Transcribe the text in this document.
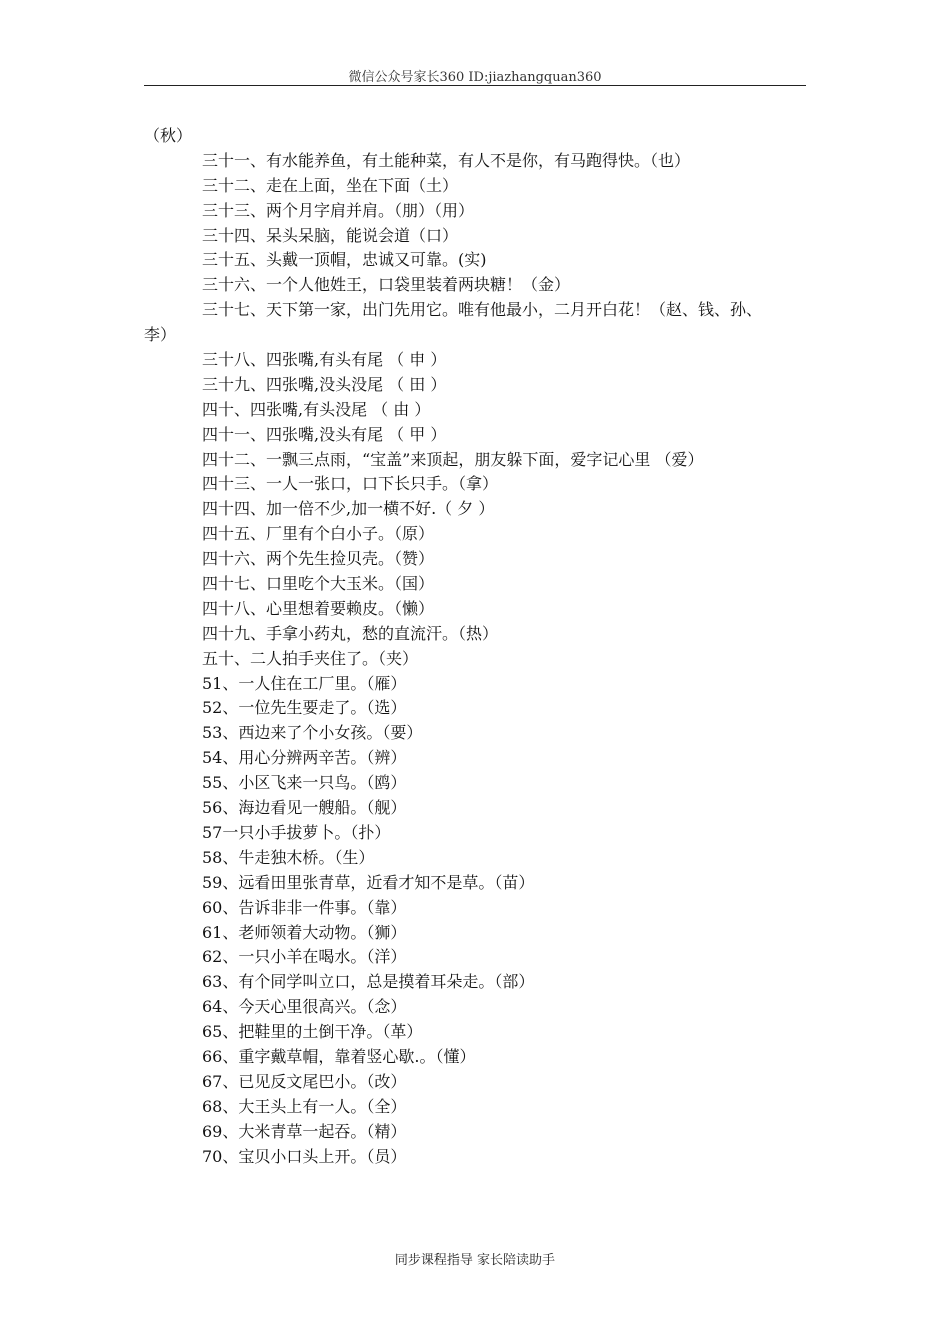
微信公众号家长360 ID:jiazhangquan360
（秋）
三十一、有水能养鱼，有土能种菜，有人不是你，有马跑得快。（也）
三十二、走在上面，坐在下面（土）
三十三、两个月字肩并肩。（朋）（用）
三十四、呆头呆脑，能说会道（口）
三十五、头戴一顶帽，忠诚又可靠。(实)
三十六、一个人他姓王，口袋里装着两块糖！（金）
三十七、天下第一家，出门先用它。唯有他最小，二月开白花！（赵、钱、孙、
李）
三十八、四张嘴,有头有尾 （ 申 ）
三十九、四张嘴,没头没尾 （ 田 ）
四十、四张嘴,有头没尾 （ 由 ）
四十一、四张嘴,没头有尾 （ 甲 ）
四十二、一飘三点雨，“宝盖”来顶起，朋友躲下面，爱字记心里 （爱）
四十三、一人一张口，口下长只手。（拿）
四十四、加一倍不少,加一横不好.（ 夕 ）
四十五、厂里有个白小子。（原）
四十六、两个先生捡贝壳。（赞）
四十七、口里吃个大玉米。（国）
四十八、心里想着要赖皮。（懒）
四十九、手拿小药丸，愁的直流汗。（热）
五十、二人拍手夹住了。（夹）
51、一人住在工厂里。（雁）
52、一位先生要走了。（选）
53、西边来了个小女孩。（要）
54、用心分辨两辛苦。（辨）
55、小区飞来一只鸟。（鸥）
56、海边看见一艘船。（舰）
57一只小手拔萝卜。（扑）
58、牛走独木桥。（生）
59、远看田里张青草，近看才知不是草。（苗）
60、告诉非非一件事。（靠）
61、老师领着大动物。（狮）
62、一只小羊在喝水。（洋）
63、有个同学叫立口，总是摸着耳朵走。（部）
64、今天心里很高兴。（念）
65、把鞋里的土倒干净。（革）
66、重字戴草帽，靠着竖心歇.。（懂）
67、已见反文尾巴小。（改）
68、大王头上有一人。（全）
69、大米青草一起吞。（精）
70、宝贝小口头上开。（员）
同步课程指导 家长陪读助手
